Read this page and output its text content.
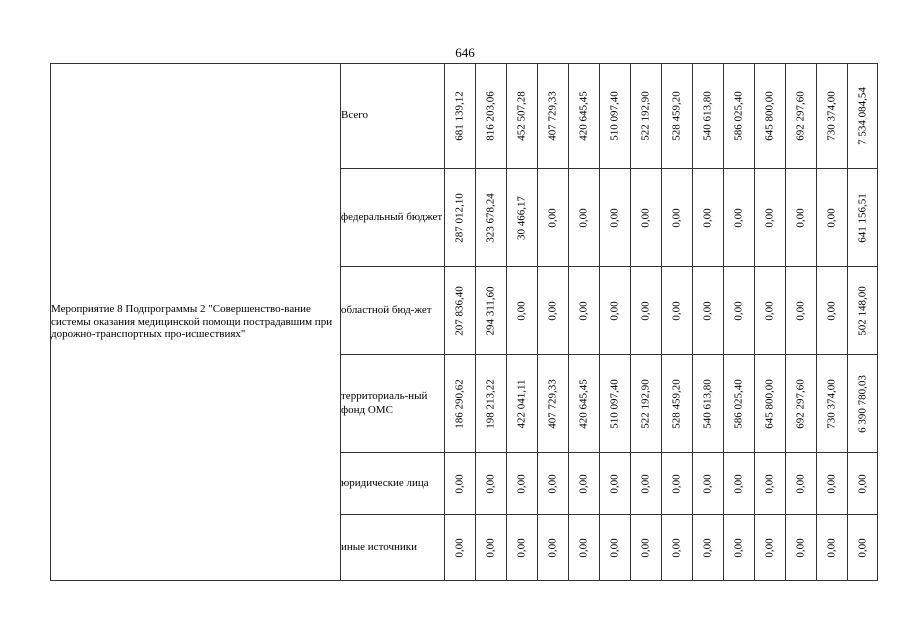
646
Мероприятие 8 Подпрограммы 2 "Совершенство-вание системы оказания медицинской помощи пострадавшим при дорожно-транспортных про-исшествиях"	Всего	681 139,12	816 203,06	452 507,28	407 729,33	420 645,45	510 097,40	522 192,90	528 459,20	540 613,80	586 025,40	645 800,00	692 297,60	730 374,00	7 534 084,54

	федеральный бюджет	287 012,10	323 678,24	30 466,17	0,00	0,00	0,00	0,00	0,00	0,00	0,00	0,00	0,00	0,00	641 156,51

	областной бюд-жет	207 836,40	294 311,60	0,00	0,00	0,00	0,00	0,00	0,00	0,00	0,00	0,00	0,00	0,00	502 148,00

	территориаль-ный фонд ОМС	186 290,62	198 213,22	422 041,11	407 729,33	420 645,45	510 097,40	522 192,90	528 459,20	540 613,80	586 025,40	645 800,00	692 297,60	730 374,00	6 390 780,03

	юридические лица	0,00	0,00	0,00	0,00	0,00	0,00	0,00	0,00	0,00	0,00	0,00	0,00	0,00	0,00

	иные источники	0,00	0,00	0,00	0,00	0,00	0,00	0,00	0,00	0,00	0,00	0,00	0,00	0,00	0,00
